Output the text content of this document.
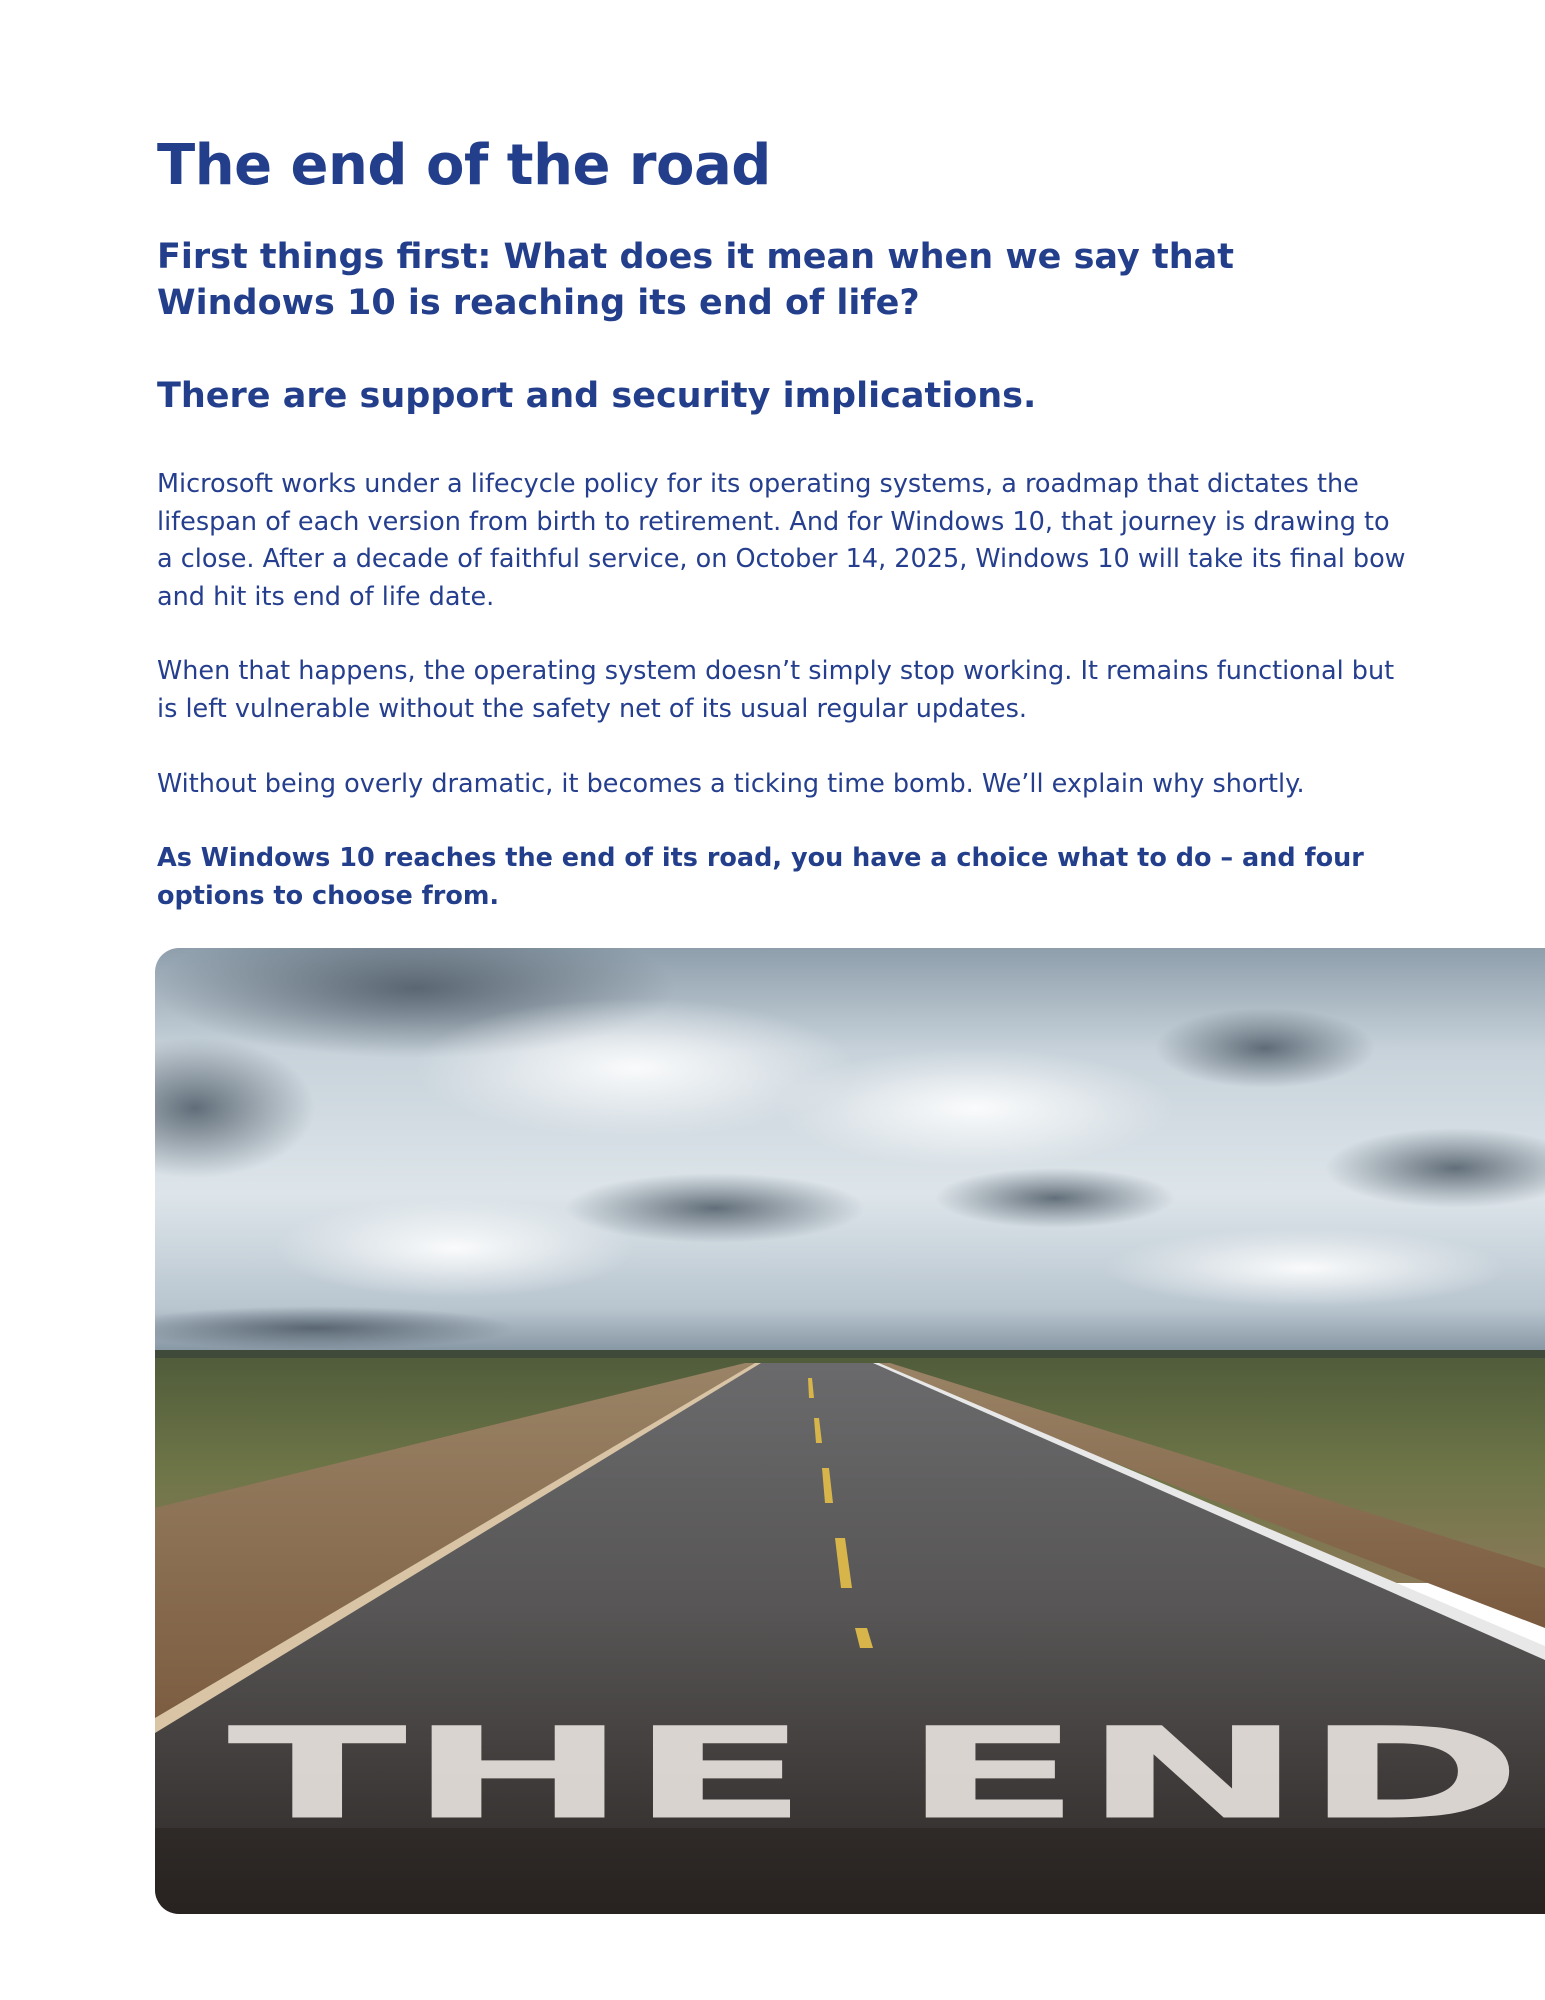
The end of the road
First things first: What does it mean when we say that Windows 10 is reaching its end of life?
There are support and security implications.

Microsoft works under a lifecycle policy for its operating systems, a roadmap that dictates the lifespan of each version from birth to retirement. And for Windows 10, that journey is drawing to a close. After a decade of faithful service, on October 14, 2025, Windows 10 will take its final bow and hit its end of life date.

When that happens, the operating system doesn’t simply stop working. It remains functional but is left vulnerable without the safety net of its usual regular updates.

Without being overly dramatic, it becomes a ticking time bomb. We’ll explain why shortly.

As Windows 10 reaches the end of its road, you have a choice what to do – and four options to choose from.

THE END
